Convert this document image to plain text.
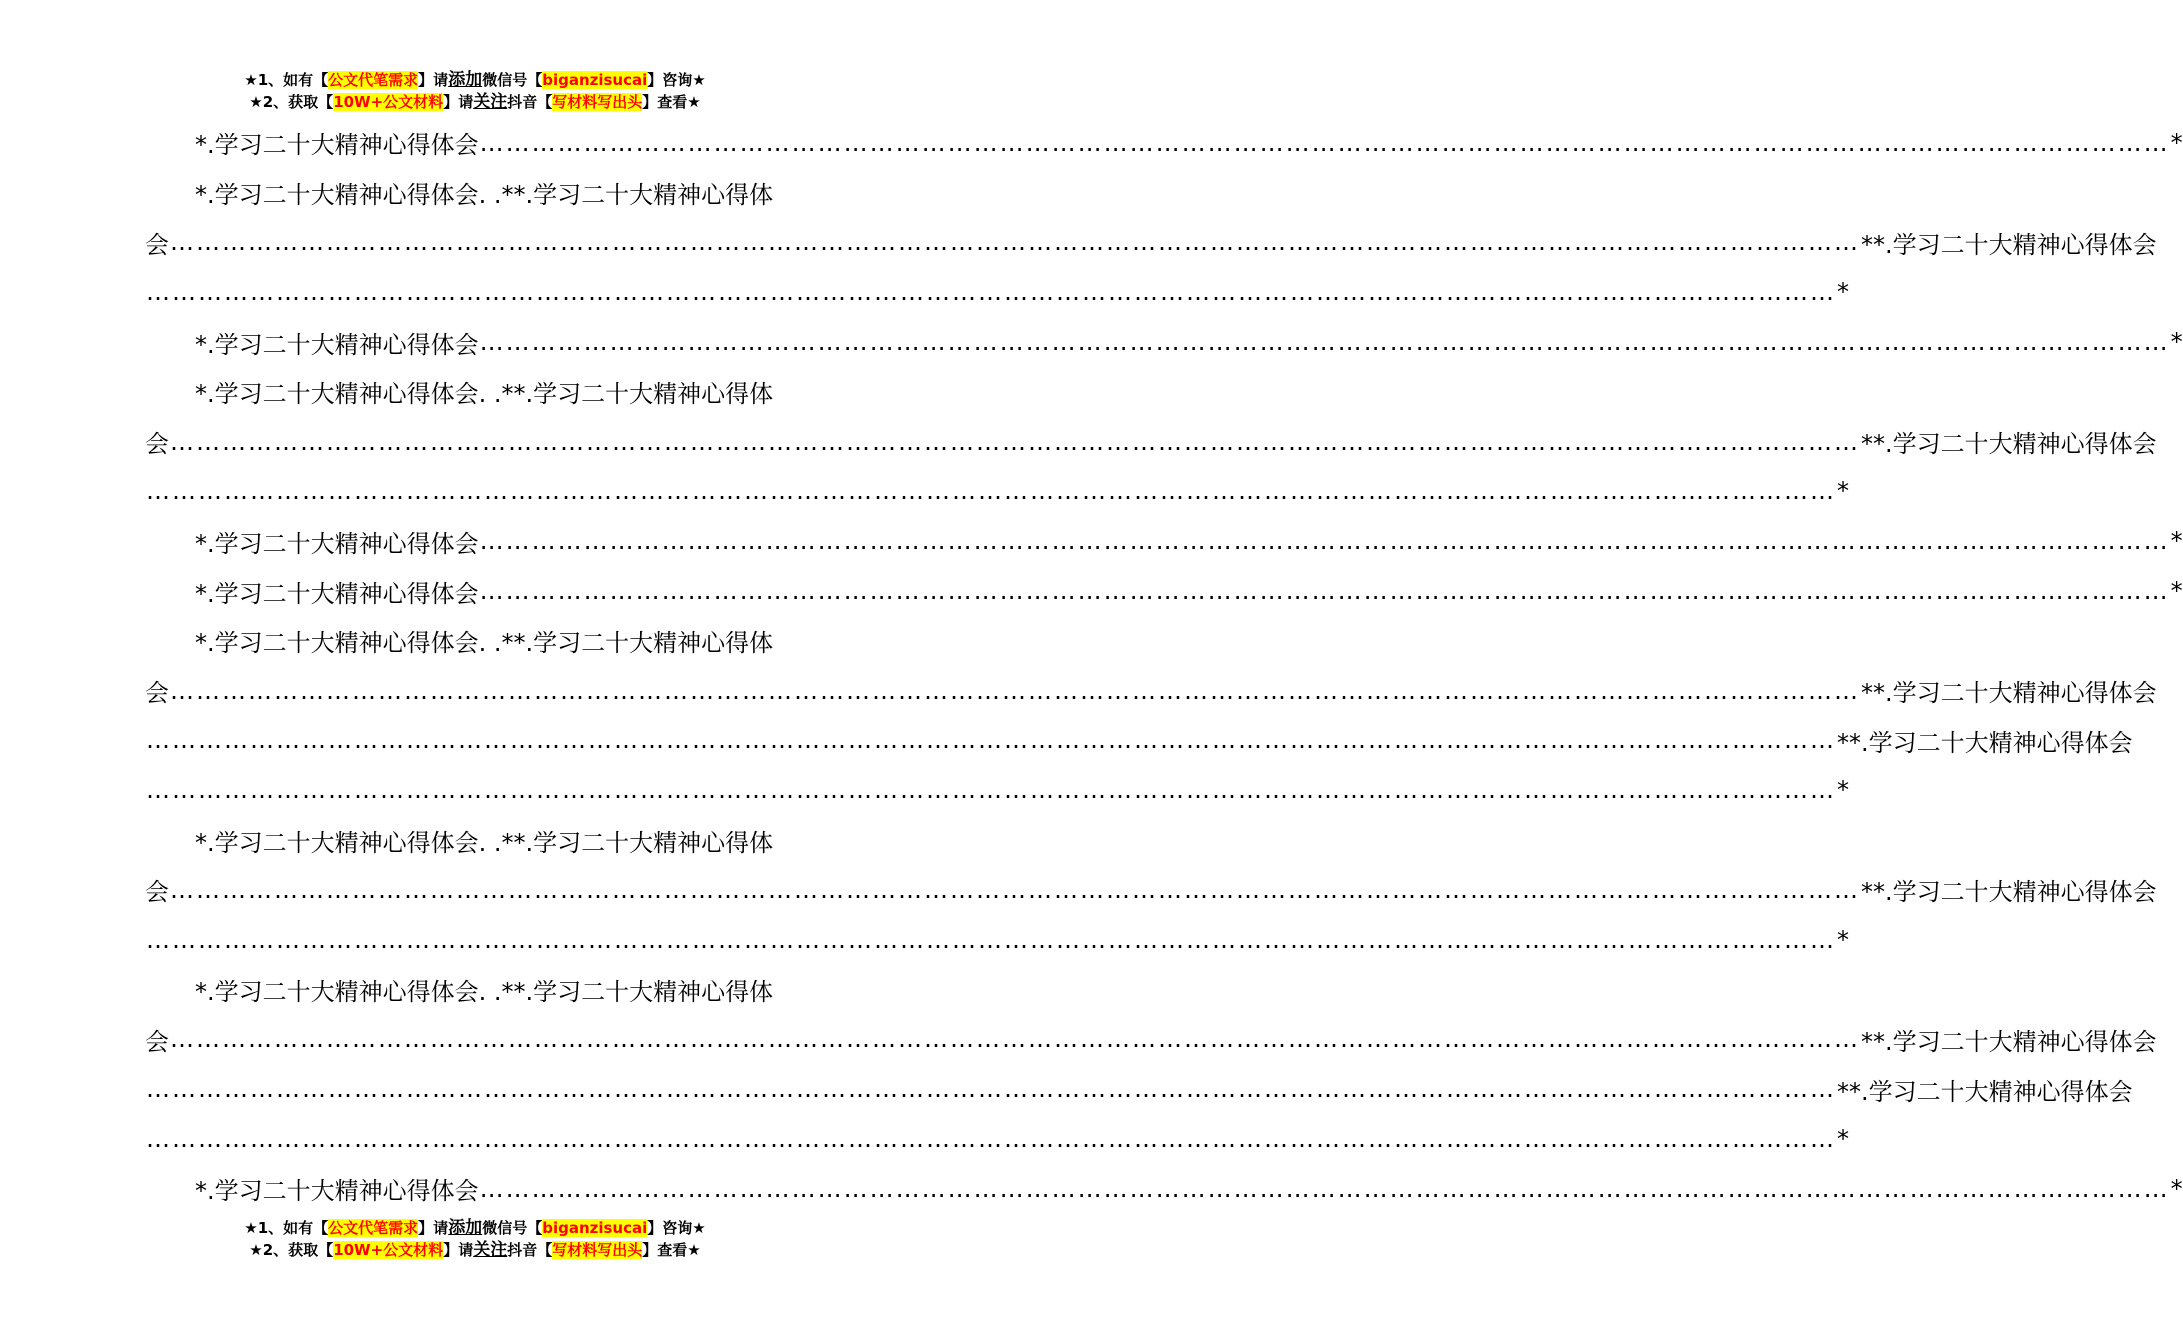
★1、如有【公文代笔需求】请添加微信号【biganzisucai】咨询★
★2、获取【10W+公文材料】请关注抖音【写材料写出头】查看★
*.学习二十大精神心得体会 …………………………………………………………………………………………………………………………………………………………………………… *
*.学习二十大精神心得体会. .**.学习二十大精神心得体
会 …………………………………………………………………………………………………………………………………………………………………………… **.学习二十大精神心得体会
…………………………………………………………………………………………………………………………………………………………………………… *
*.学习二十大精神心得体会 …………………………………………………………………………………………………………………………………………………………………………… *
*.学习二十大精神心得体会. .**.学习二十大精神心得体
会 …………………………………………………………………………………………………………………………………………………………………………… **.学习二十大精神心得体会
…………………………………………………………………………………………………………………………………………………………………………… *
*.学习二十大精神心得体会 …………………………………………………………………………………………………………………………………………………………………………… *
*.学习二十大精神心得体会 …………………………………………………………………………………………………………………………………………………………………………… *
*.学习二十大精神心得体会. .**.学习二十大精神心得体
会 …………………………………………………………………………………………………………………………………………………………………………… **.学习二十大精神心得体会
…………………………………………………………………………………………………………………………………………………………………………… **.学习二十大精神心得体会
…………………………………………………………………………………………………………………………………………………………………………… *
*.学习二十大精神心得体会. .**.学习二十大精神心得体
会 …………………………………………………………………………………………………………………………………………………………………………… **.学习二十大精神心得体会
…………………………………………………………………………………………………………………………………………………………………………… *
*.学习二十大精神心得体会. .**.学习二十大精神心得体
会 …………………………………………………………………………………………………………………………………………………………………………… **.学习二十大精神心得体会
…………………………………………………………………………………………………………………………………………………………………………… **.学习二十大精神心得体会
…………………………………………………………………………………………………………………………………………………………………………… *
*.学习二十大精神心得体会 …………………………………………………………………………………………………………………………………………………………………………… *
★1、如有【公文代笔需求】请添加微信号【biganzisucai】咨询★
★2、获取【10W+公文材料】请关注抖音【写材料写出头】查看★
